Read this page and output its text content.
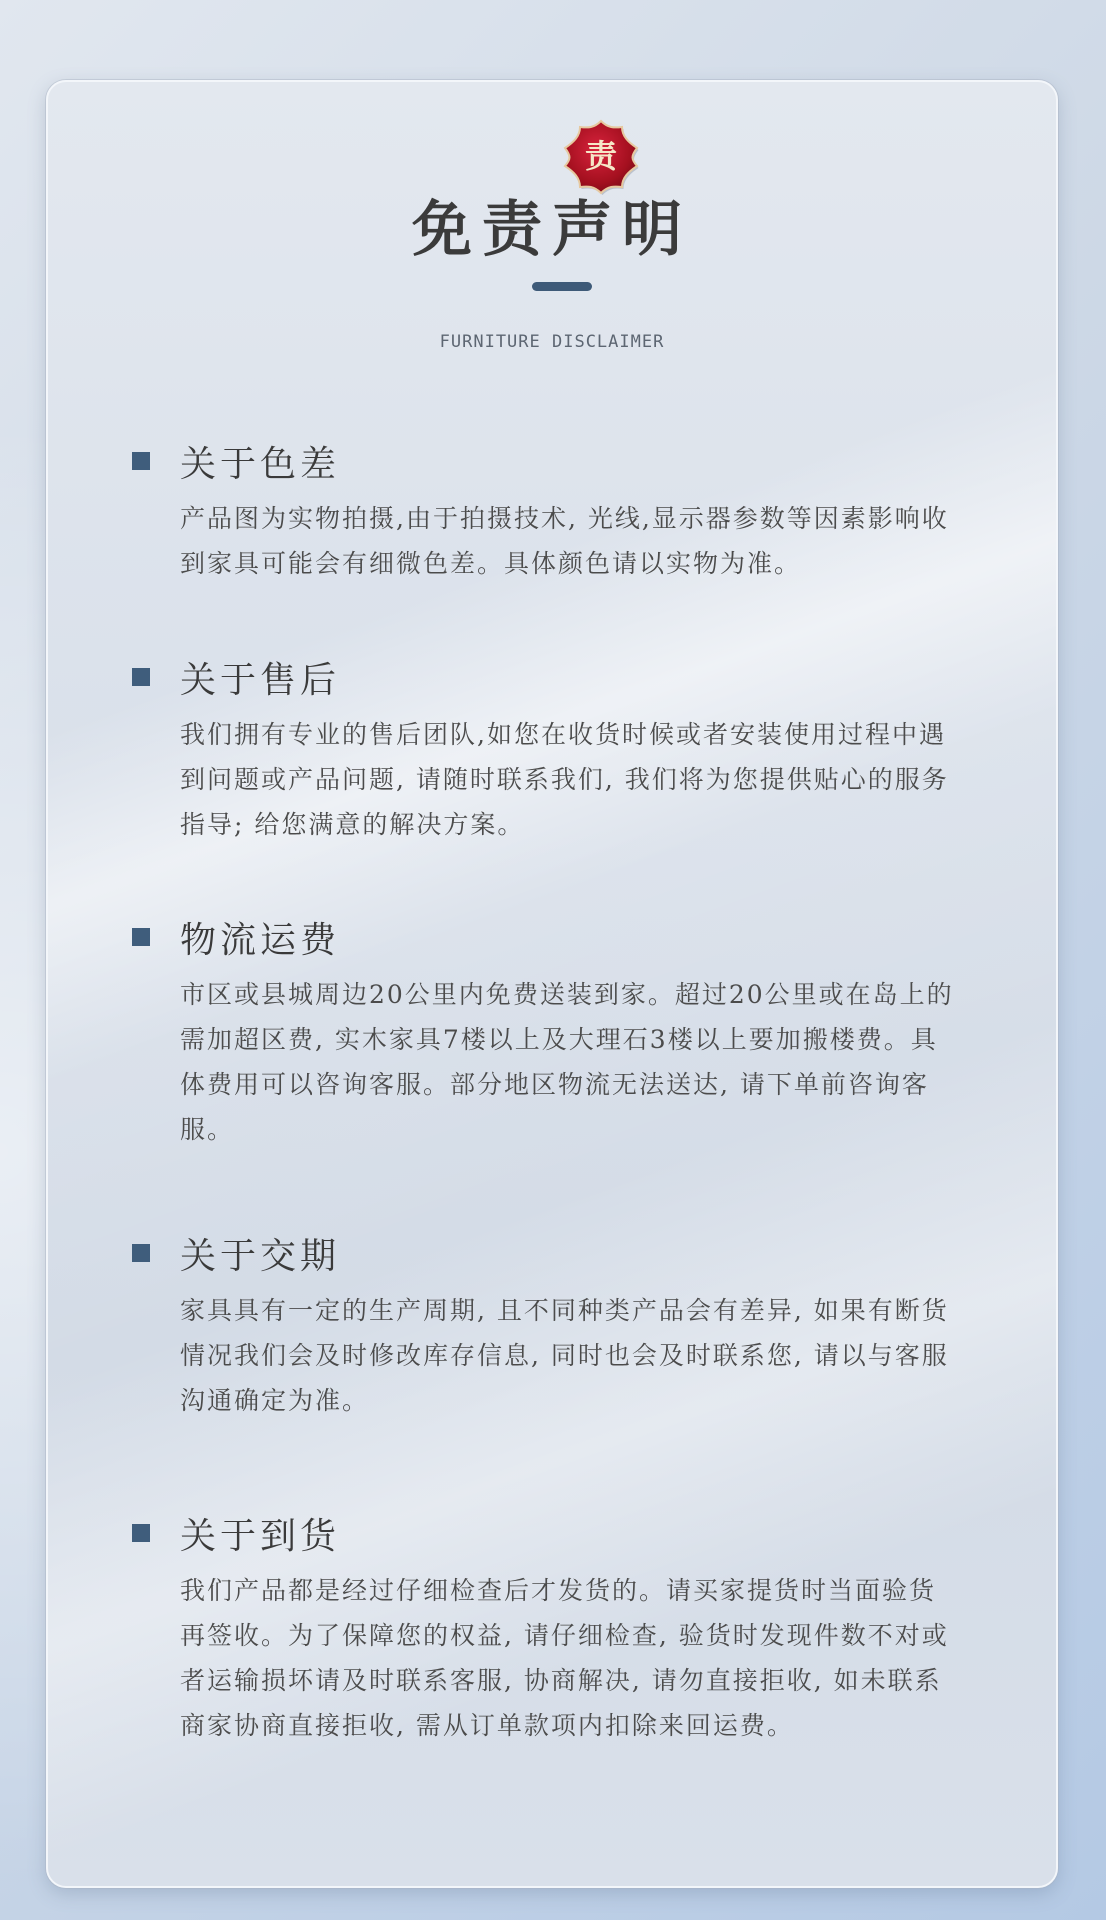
责
免责声明
FURNITURE DISCLAIMER
关于色差
产品图为实物拍摄,由于拍摄技术, 光线,显示器参数等因素影响收到家具可能会有细微色差。具体颜色请以实物为准。
关于售后
我们拥有专业的售后团队,如您在收货时候或者安装使用过程中遇到问题或产品问题, 请随时联系我们, 我们将为您提供贴心的服务指导; 给您满意的解决方案。
物流运费
市区或县城周边20公里内免费送装到家。超过20公里或在岛上的需加超区费, 实木家具7楼以上及大理石3楼以上要加搬楼费。具体费用可以咨询客服。部分地区物流无法送达, 请下单前咨询客服。
关于交期
家具具有一定的生产周期, 且不同种类产品会有差异, 如果有断货情况我们会及时修改库存信息, 同时也会及时联系您, 请以与客服沟通确定为准。
关于到货
我们产品都是经过仔细检查后才发货的。请买家提货时当面验货再签收。为了保障您的权益, 请仔细检查, 验货时发现件数不对或者运输损坏请及时联系客服, 协商解决, 请勿直接拒收, 如未联系商家协商直接拒收, 需从订单款项内扣除来回运费。
